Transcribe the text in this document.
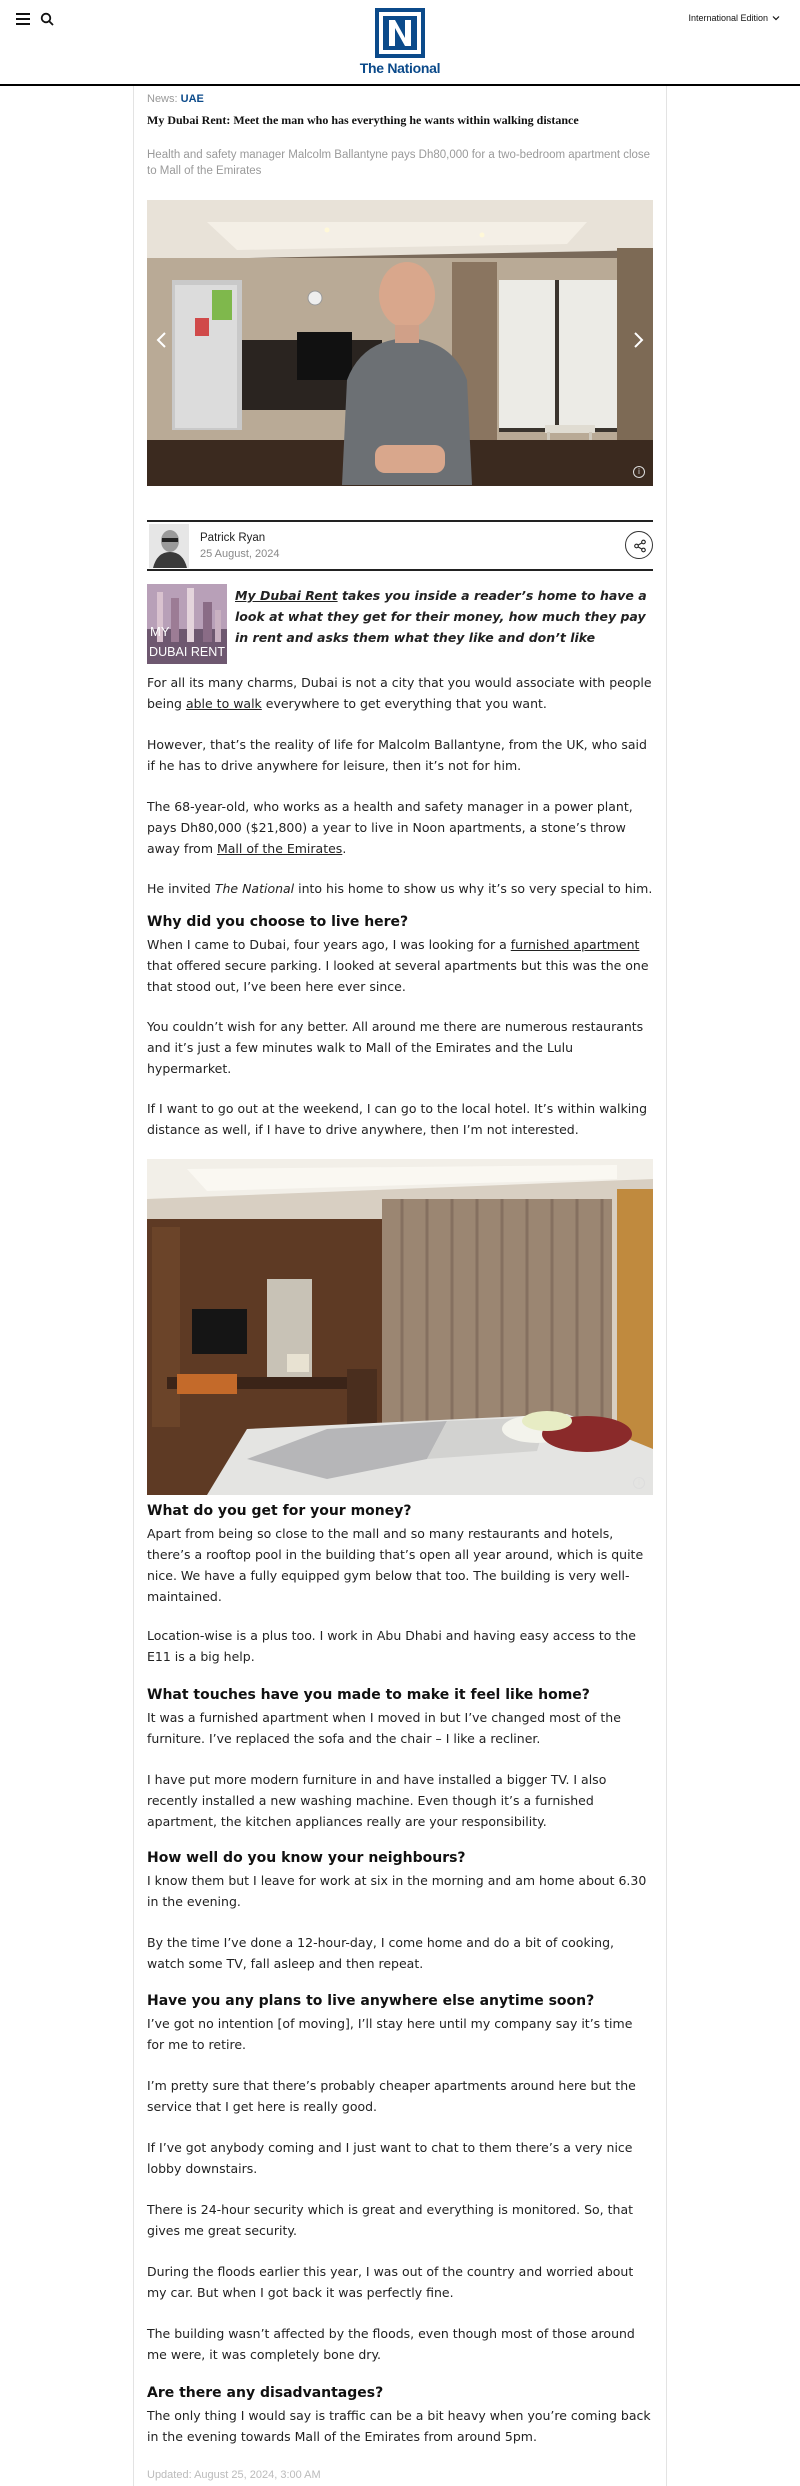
The National
International Edition
News: UAE
My Dubai Rent: Meet the man who has everything he wants within walking distance
Health and safety manager Malcolm Ballantyne pays Dh80,000 for a two-bedroom apartment close to Mall of the Emirates
i
Patrick Ryan
25 August, 2024
MY
DUBAI RENT
My Dubai Rent takes you inside a reader’s home to have a look at what they get for their money, how much they pay in rent and asks them what they like and don’t like
For all its many charms, Dubai is not a city that you would associate with people being able to walk everywhere to get everything that you want.
However, that’s the reality of life for Malcolm Ballantyne, from the UK, who said if he has to drive anywhere for leisure, then it’s not for him.
The 68-year-old, who works as a health and safety manager in a power plant, pays Dh80,000 ($21,800) a year to live in Noon apartments, a stone’s throw away from Mall of the Emirates.
He invited The National into his home to show us why it’s so very special to him.
Why did you choose to live here?
When I came to Dubai, four years ago, I was looking for a furnished apartment that offered secure parking. I looked at several apartments but this was the one that stood out, I’ve been here ever since.
You couldn’t wish for any better. All around me there are numerous restaurants and it’s just a few minutes walk to Mall of the Emirates and the Lulu hypermarket.
If I want to go out at the weekend, I can go to the local hotel. It’s within walking distance as well, if I have to drive anywhere, then I’m not interested.
i
What do you get for your money?
Apart from being so close to the mall and so many restaurants and hotels, there’s a rooftop pool in the building that’s open all year around, which is quite nice. We have a fully equipped gym below that too. The building is very well-maintained.
Location-wise is a plus too. I work in Abu Dhabi and having easy access to the E11 is a big help.
What touches have you made to make it feel like home?
It was a furnished apartment when I moved in but I’ve changed most of the furniture. I’ve replaced the sofa and the chair – I like a recliner.
I have put more modern furniture in and have installed a bigger TV. I also recently installed a new washing machine. Even though it’s a furnished apartment, the kitchen appliances really are your responsibility.
How well do you know your neighbours?
I know them but I leave for work at six in the morning and am home about 6.30 in the evening.
By the time I’ve done a 12-hour-day, I come home and do a bit of cooking, watch some TV, fall asleep and then repeat.
Have you any plans to live anywhere else anytime soon?
I’ve got no intention [of moving], I’ll stay here until my company say it’s time for me to retire.
I’m pretty sure that there’s probably cheaper apartments around here but the service that I get here is really good.
If I’ve got anybody coming and I just want to chat to them there’s a very nice lobby downstairs.
There is 24-hour security which is great and everything is monitored. So, that gives me great security.
During the floods earlier this year, I was out of the country and worried about my car. But when I got back it was perfectly fine.
The building wasn’t affected by the floods, even though most of those around me were, it was completely bone dry.
Are there any disadvantages?
The only thing I would say is traffic can be a bit heavy when you’re coming back in the evening towards Mall of the Emirates from around 5pm.
Updated: August 25, 2024, 3:00 AM
